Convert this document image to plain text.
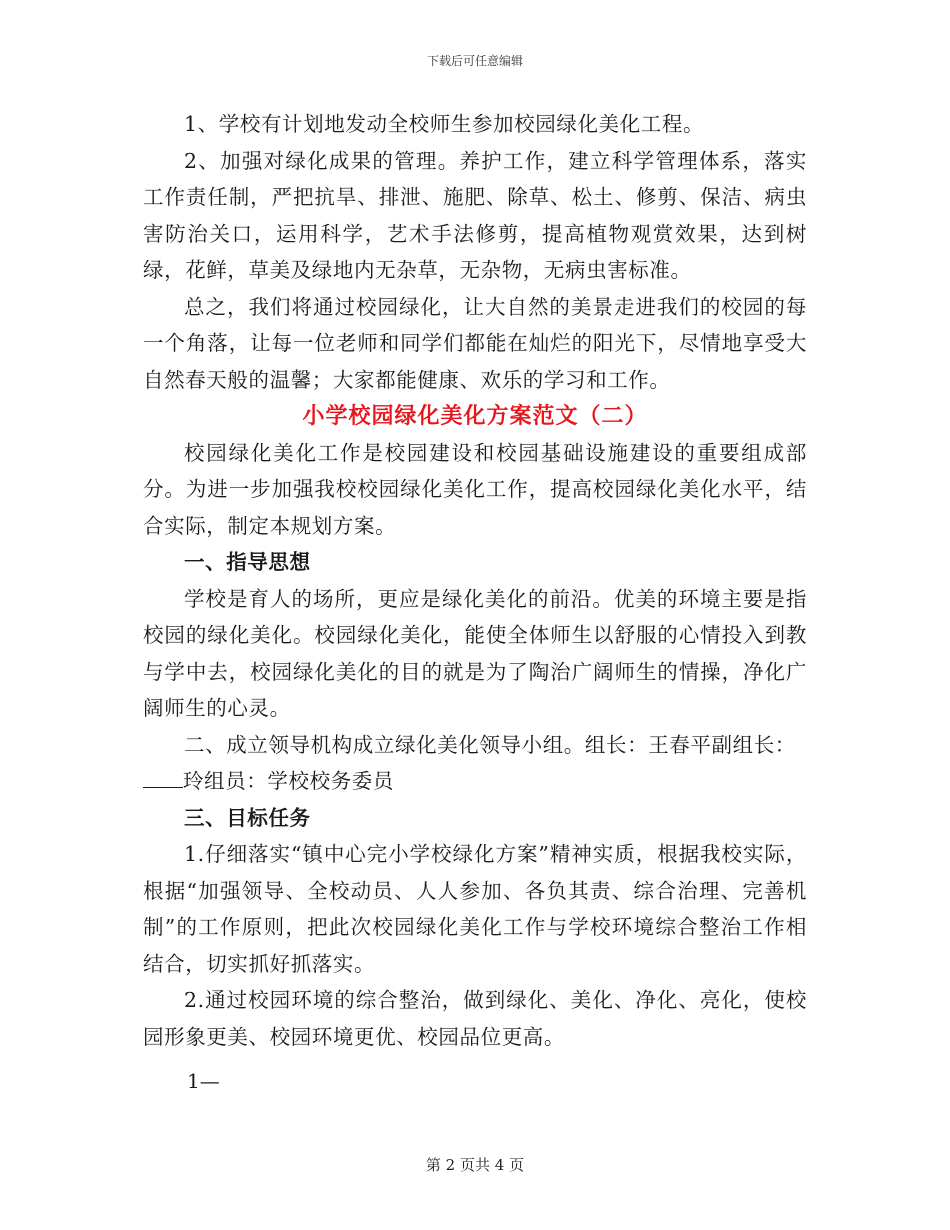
下载后可任意编辑

1、学校有计划地发动全校师生参加校园绿化美化工程。

2、加强对绿化成果的管理。养护工作，建立科学管理体系，落实工作责任制，严把抗旱、排泄、施肥、除草、松土、修剪、保洁、病虫害防治关口，运用科学，艺术手法修剪，提高植物观赏效果，达到树绿，花鲜，草美及绿地内无杂草，无杂物，无病虫害标准。

总之，我们将通过校园绿化，让大自然的美景走进我们的校园的每一个角落，让每一位老师和同学们都能在灿烂的阳光下，尽情地享受大自然春天般的温馨；大家都能健康、欢乐的学习和工作。

小学校园绿化美化方案范文（二）

校园绿化美化工作是校园建设和校园基础设施建设的重要组成部分。为进一步加强我校校园绿化美化工作，提高校园绿化美化水平，结合实际，制定本规划方案。

一、指导思想

学校是育人的场所，更应是绿化美化的前沿。优美的环境主要是指校园的绿化美化。校园绿化美化，能使全体师生以舒服的心情投入到教与学中去，校园绿化美化的目的就是为了陶治广阔师生的情操，净化广阔师生的心灵。

二、成立领导机构成立绿化美化领导小组。组长：王春平副组长：
玲组员：学校校务委员

三、目标任务

1.仔细落实“镇中心完小学校绿化方案”精神实质，根据我校实际，根据“加强领导、全校动员、人人参加、各负其责、综合治理、完善机制”的工作原则，把此次校园绿化美化工作与学校环境综合整治工作相结合，切实抓好抓落实。

2.通过校园环境的综合整治，做到绿化、美化、净化、亮化，使校园形象更美、校园环境更优、校园品位更高。

1—

第 2 页共 4 页
